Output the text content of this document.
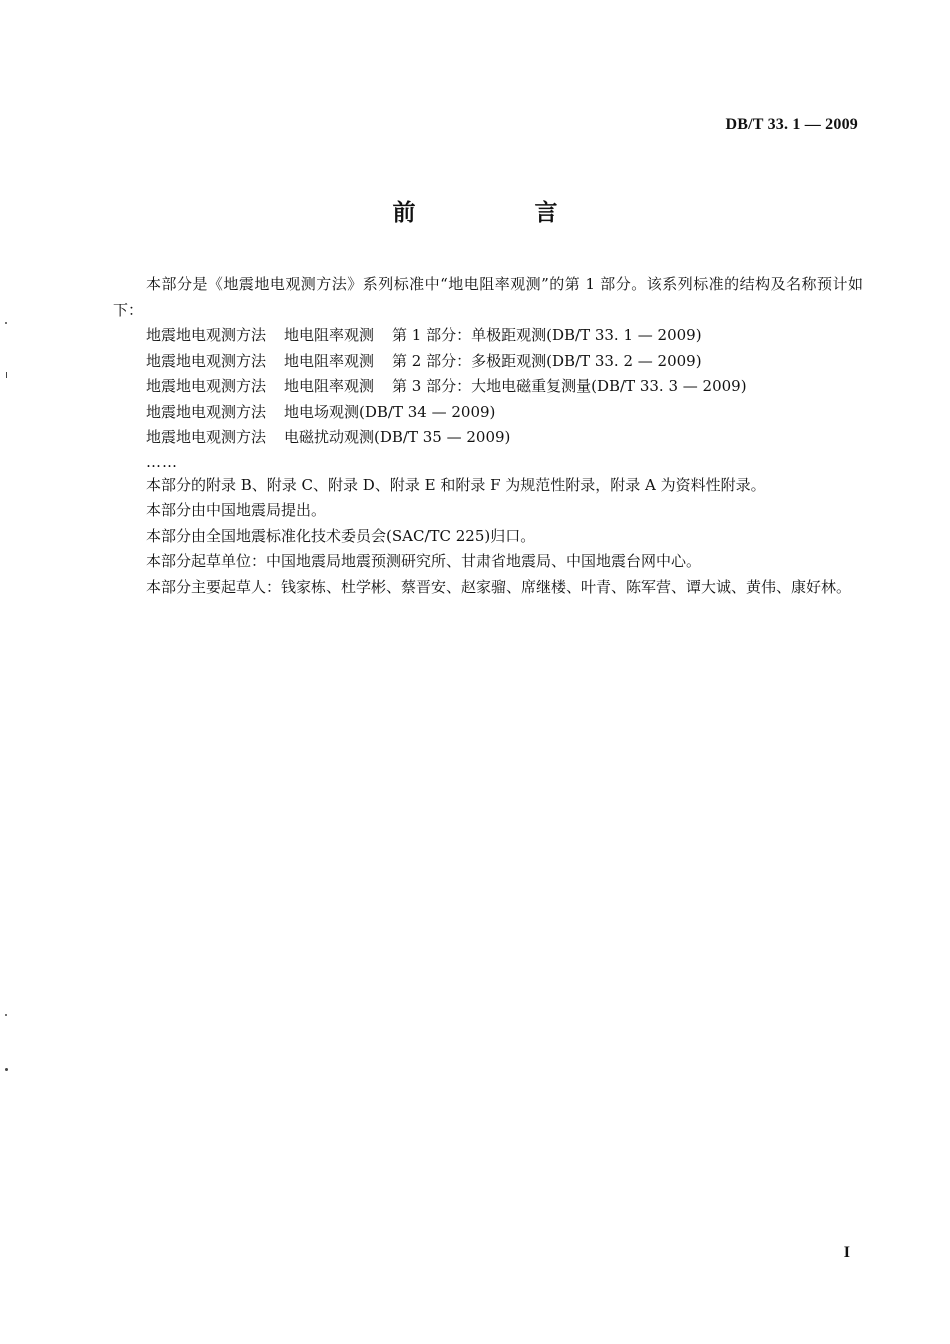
DB/T 33. 1 — 2009
前　言

本部分是《地震地电观测方法》系列标准中“地电阻率观测”的第 1 部分。该系列标准的结构及名称预计如下：

地震地电观测方法 地电阻率观测 第 1 部分：单极距观测(DB/T 33. 1 — 2009)

地震地电观测方法 地电阻率观测 第 2 部分：多极距观测(DB/T 33. 2 — 2009)

地震地电观测方法 地电阻率观测 第 3 部分：大地电磁重复测量(DB/T 33. 3 — 2009)

地震地电观测方法 地电场观测(DB/T 34 — 2009)

地震地电观测方法 电磁扰动观测(DB/T 35 — 2009)

……

本部分的附录 B、附录 C、附录 D、附录 E 和附录 F 为规范性附录，附录 A 为资料性附录。

本部分由中国地震局提出。

本部分由全国地震标准化技术委员会(SAC/TC 225)归口。

本部分起草单位：中国地震局地震预测研究所、甘肃省地震局、中国地震台网中心。

本部分主要起草人：钱家栋、杜学彬、蔡晋安、赵家骝、席继楼、叶青、陈军营、谭大诚、黄伟、康好林。

I
